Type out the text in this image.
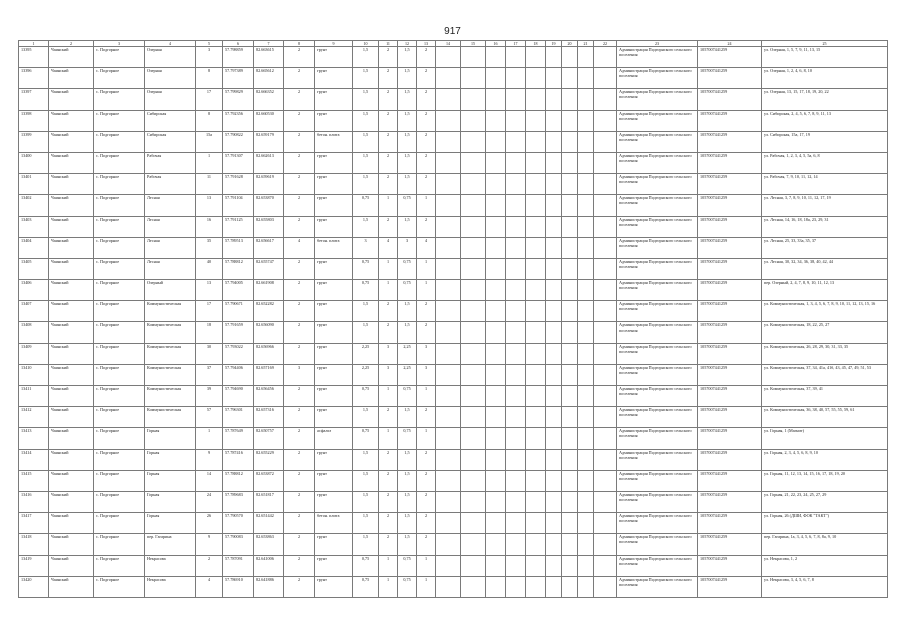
917
1	2	3	4	5	6	7	8	9	10	11	12	13	14	15	16	17	18	19	20	21	22	23	24	25
13395	Чаинский	с. Подгорное	Озерная	3	57.798859	82.663615	2	грунт	1,5	2	1,5	2										Администрация Подгорнского сельского поселения	1057007441259	ул. Озерная, 1, 5, 7, 9, 11, 13, 15
13396	Чаинский	с. Подгорное	Озерная	8	57.797389	82.665612	2	грунт	1,5	2	1,5	2										Администрация Подгорнского сельского поселения	1057007441259	ул. Озерная, 1, 2, 4, 6, 8, 10
13397	Чаинский	с. Подгорное	Озерная	17	57.799829	82.666352	2	грунт	1,5	2	1,5	2										Администрация Подгорнского сельского поселения	1057007441259	ул. Озерная, 13, 15, 17, 18, 19, 20, 22
13398	Чаинский	с. Подгорное	Сибирская	8	57.792356	82.660530	2	грунт	1,5	2	1,5	2										Администрация Подгорнского сельского поселения	1057007441259	ул. Сибирская, 2, 4, 5, 6, 7, 8, 9, 11, 13
13399	Чаинский	с. Подгорное	Сибирская	15а	57.790822	82.659179	2	бетон. плита	1,5	2	1,5	2										Администрация Подгорнского сельского поселения	1057007441259	ул. Сибирская, 15а, 17, 19
13400	Чаинский	с. Подгорное	Рабочая	1	57.791307	82.662613	2	грунт	1,5	2	1,5	2										Администрация Подгорнского сельского поселения	1057007441259	ул. Рабочая, 1, 2, 3, 4, 5, 5а, 6, 8
13401	Чаинский	с. Подгорное	Рабочая	11	57.791628	82.659619	2	грунт	1,5	2	1,5	2										Администрация Подгорнского сельского поселения	1057007441259	ул. Рабочая, 7, 9, 10, 11, 12, 14
13402	Чаинский	с. Подгорное	Лесная	13	57.791104	82.653870	2	грунт	0,75	1	0,75	1										Администрация Подгорнского сельского поселения	1057007441259	ул. Лесная, 3, 7, 8, 9, 10, 11, 12, 17, 19
13403	Чаинский	с. Подгорное	Лесная	16	57.791125	82.655803	2	грунт	1,5	2	1,5	2										Администрация Подгорнского сельского поселения	1057007441259	ул. Лесная, 14, 16, 18, 18а, 23, 29, 31
13404	Чаинский	с. Подгорное	Лесная	35	57.789513	82.656617	4	бетон. плита	3	4	3	4										Администрация Подгорнского сельского поселения	1057007441259	ул. Лесная, 25, 33, 33а, 35, 37
13405	Чаинский	с. Подгорное	Лесная	40	57.788812	82.655747	2	грунт	0,75	1	0,75	1										Администрация Подгорнского сельского поселения	1057007441259	ул. Лесная, 30, 32, 34, 36, 38, 40, 42, 44
13406	Чаинский	с. Подгорное	Озерный	13	57.794005	82.661908	2	грунт	0,75	1	0,75	1										Администрация Подгорнского сельского поселения	1057007441259	пер. Озерный, 2, 4, 7, 8, 9, 10, 11, 12, 13
13407	Чаинский	с. Подгорное	Коммунистическая	17	57.790671	82.652282	2	грунт	1,5	2	1,5	2										Администрация Подгорнского сельского поселения	1057007441259	ул. Коммунистическая, 1, 3, 4, 5, 6, 7, 8, 9, 10, 11, 12, 13, 15, 16
13408	Чаинский	с. Подгорное	Коммунистическая	18	57.791659	82.656090	2	грунт	1,5	2	1,5	2										Администрация Подгорнского сельского поселения	1057007441259	ул. Коммунистическая, 18, 22, 25, 27
13409	Чаинский	с. Подгорное	Коммунистическая	30	57.793022	82.656966	2	грунт	2,25	3	2,25	3										Администрация Подгорнского сельского поселения	1057007441259	ул. Коммунистическая, 26, 28, 29, 30, 31, 33, 35
13410	Чаинский	с. Подгорное	Коммунистическая	37	57.794406	82.657169	3	грунт	2,25	3	2,25	3										Администрация Подгорнского сельского поселения	1057007441259	ул. Коммунистическая, 37, 34, 41а, 41б, 43, 45, 47, 49, 51, 53
13411	Чаинский	с. Подгорное	Коммунистическая	39	57.794690	82.656456	2	грунт	0,75	1	0,75	1										Администрация Подгорнского сельского поселения	1057007441259	ул. Коммунистическая, 37, 39, 41
13412	Чаинский	с. Подгорное	Коммунистическая	57	57.796301	82.657316	2	грунт	1,5	2	1,5	2										Администрация Подгорнского сельского поселения	1057007441259	ул. Коммунистическая, 36, 38, 40, 57, 55, 55, 59, 61
13413	Чаинский	с. Подгорное	Горная	1	57.787649	82.650757	2	асфальт	0,75	1	0,75	1										Администрация Подгорнского сельского поселения	1057007441259	ул. Горная, 1 (Магнит)
13414	Чаинский	с. Подгорное	Горная	9	57.787416	82.655229	2	грунт	1,5	2	1,5	2										Администрация Подгорнского сельского поселения	1057007441259	ул. Горная, 2, 3, 4, 5, 6, 8, 9, 10
13415	Чаинский	с. Подгорное	Горная	14	57.788812	82.653872	2	грунт	1,5	2	1,5	2										Администрация Подгорнского сельского поселения	1057007441259	ул. Горная, 11, 12, 13, 14, 15, 16, 17, 18, 19, 20
13416	Чаинский	с. Подгорное	Горная	24	57.789683	82.651817	2	грунт	1,5	2	1,5	2										Администрация Подгорнского сельского поселения	1057007441259	ул. Горная, 21, 22, 23, 24, 25, 27, 29
13417	Чаинский	с. Подгорное	Горная	26	57.790570	82.651442	2	бетон. плита	1,5	2	1,5	2										Администрация Подгорнского сельского поселения	1057007441259	ул. Горная, 26 (ДШИ, ФОК "ТАКТ")
13418	Чаинский	с. Подгорное	пер. Гагарина	9	57.790083	82.653863	2	грунт	1,5	2	1,5	2										Администрация Подгорнского сельского поселения	1057007441259	пер. Гагарина, 1а, 3, 4, 5, 6, 7, 8, 8а, 9, 10
13419	Чаинский	с. Подгорное	Некрасова	2	57.787091	82.641006	2	грунт	0,75	1	0,75	1										Администрация Подгорнского сельского поселения	1057007441259	ул. Некрасова, 1, 2
13420	Чаинский	с. Подгорное	Некрасова	4	57.786910	82.641886	2	грунт	0,75	1	0,75	1										Администрация Подгорнского сельского поселения	1057007441259	ул. Некрасова, 3, 4, 5, 6, 7, 8
